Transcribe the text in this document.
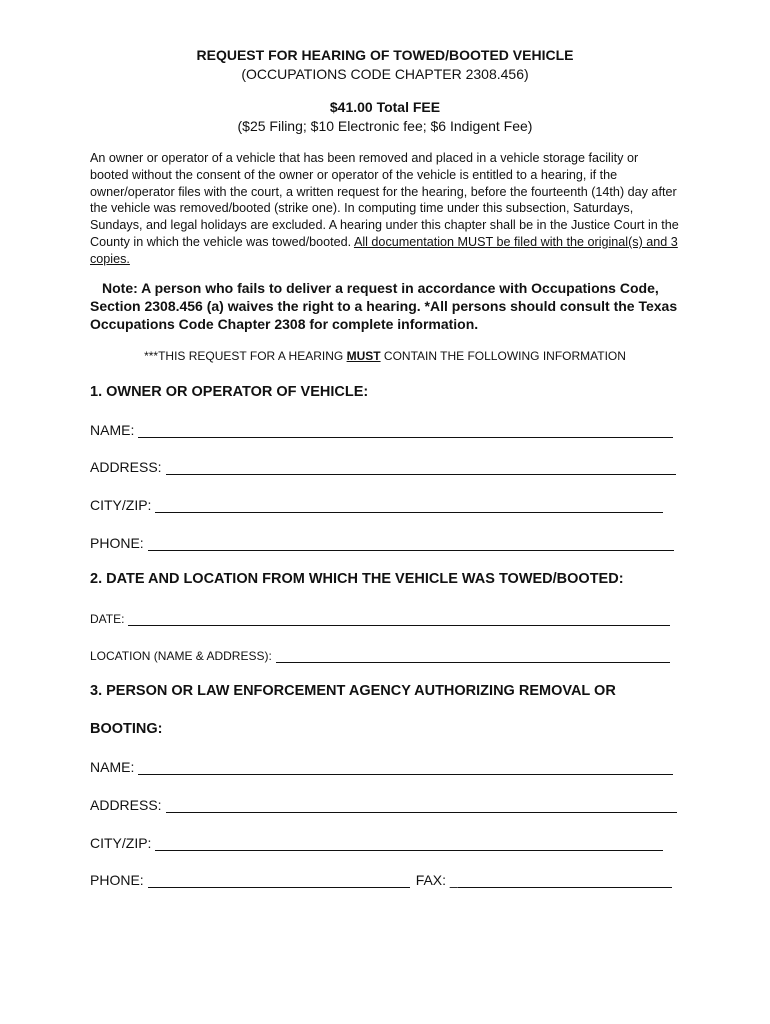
REQUEST FOR HEARING OF TOWED/BOOTED VEHICLE
(OCCUPATIONS CODE CHAPTER 2308.456)
$41.00 Total FEE
($25 Filing; $10 Electronic fee; $6 Indigent Fee)
An owner or operator of a vehicle that has been removed and placed in a vehicle storage facility or booted without the consent of the owner or operator of the vehicle is entitled to a hearing, if the owner/operator files with the court, a written request for the hearing, before the fourteenth (14th) day after the vehicle was removed/booted (strike one). In computing time under this subsection, Saturdays, Sundays, and legal holidays are excluded. A hearing under this chapter shall be in the Justice Court in the County in which the vehicle was towed/booted. All documentation MUST be filed with the original(s) and 3 copies.
Note: A person who fails to deliver a request in accordance with Occupations Code, Section 2308.456 (a) waives the right to a hearing. *All persons should consult the Texas Occupations Code Chapter 2308 for complete information.
***THIS REQUEST FOR A HEARING MUST CONTAIN THE FOLLOWING INFORMATION
1. OWNER OR OPERATOR OF VEHICLE:
NAME:
ADDRESS:
CITY/ZIP:
PHONE:
2. DATE AND LOCATION FROM WHICH THE VEHICLE WAS TOWED/BOOTED:
DATE:
LOCATION (NAME & ADDRESS):
3. PERSON OR LAW ENFORCEMENT AGENCY AUTHORIZING REMOVAL OR
BOOTING:
NAME:
ADDRESS:
CITY/ZIP:
PHONE:	FAX: _
